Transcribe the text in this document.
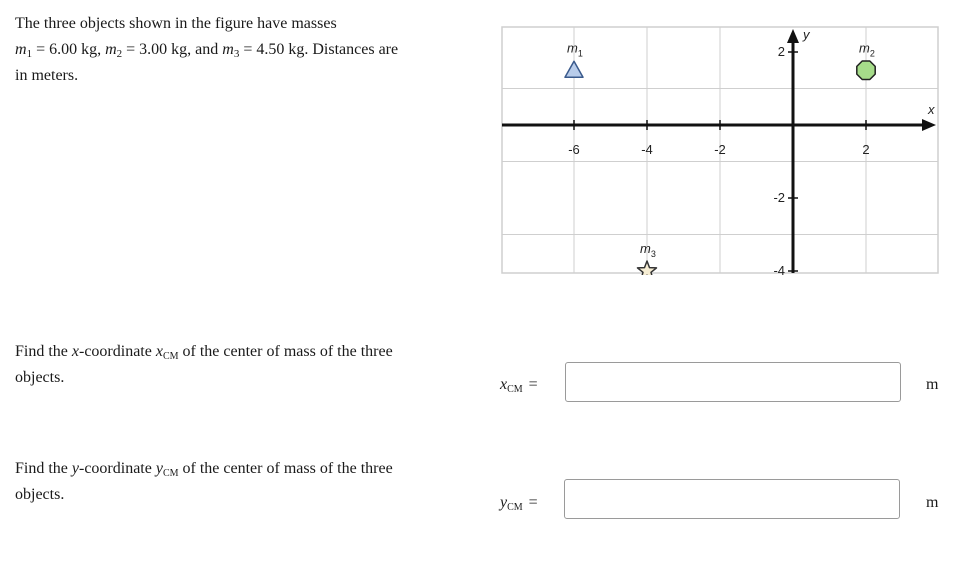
The three objects shown in the figure have masses
$m_1 = 6.00$ kg, $m_2 = 3.00$ kg, and $m_3 = 4.50$ kg. Distances are
in meters.
x
y
-6	-4	-2	2
2
-2
-4
$m_1$	$m_2$
$m_3$
Find the x-coordinate $x_{CM}$ of the center of mass of the three objects.	$x_{CM}$ =	m
Find the y-coordinate $y_{CM}$ of the center of mass of the three objects.	$y_{CM}$ =	m
